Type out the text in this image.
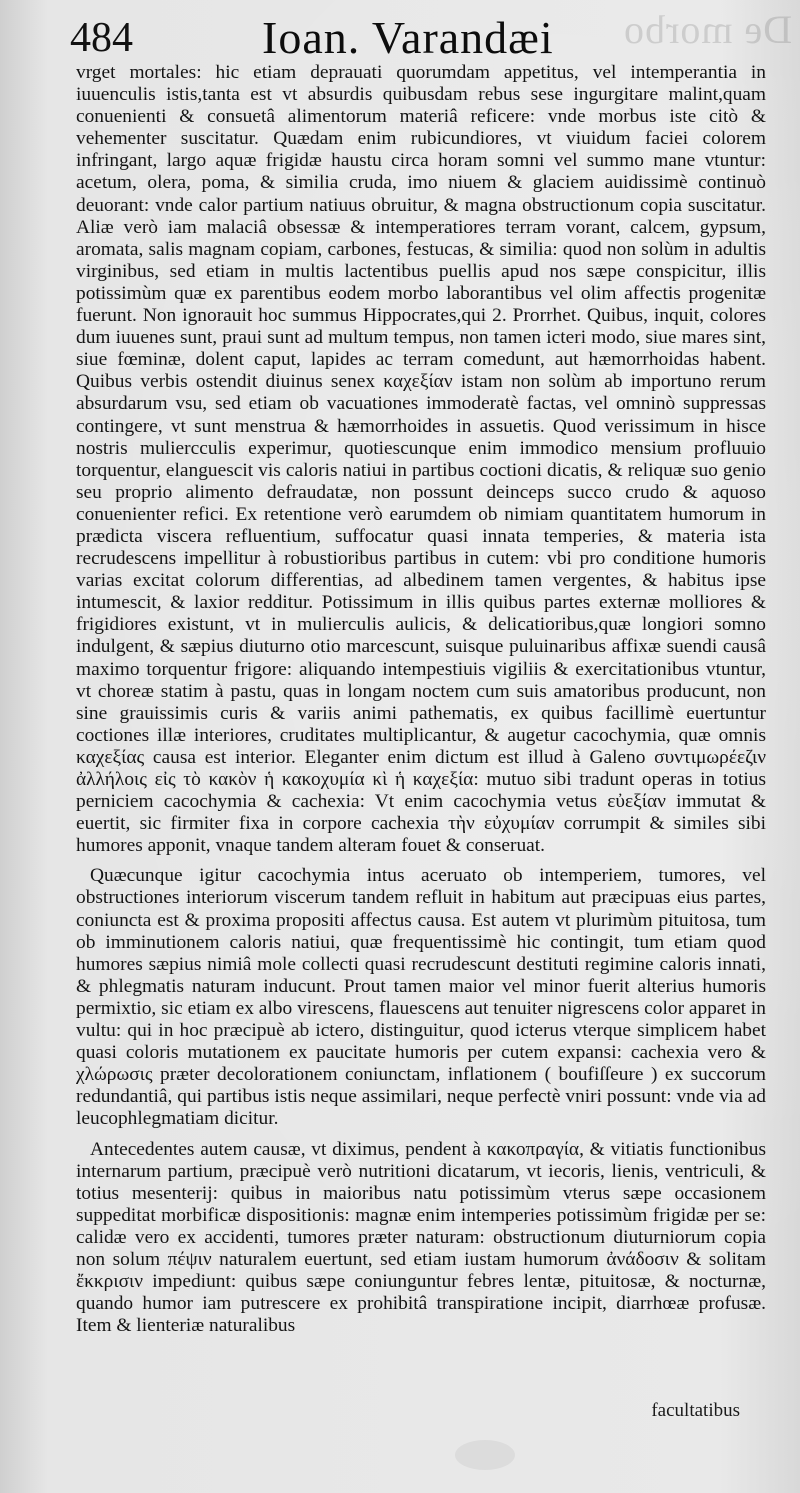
De morbo
484	Ioan. Varandæi

vrget mortales: hic etiam deprauati quorumdam appetitus, vel intemperantia in iuuenculis istis,tanta est vt absurdis quibusdam rebus sese ingurgitare malint,quam conuenienti & consuetâ alimentorum materiâ reficere: vnde morbus iste citò & vehementer suscitatur. Quædam enim rubicundiores, vt viuidum faciei colorem infringant, largo aquæ frigidæ haustu circa horam somni vel summo mane vtuntur: acetum, olera, poma, & similia cruda, imo niuem & glaciem auidissimè continuò deuorant: vnde calor partium natiuus obruitur, & magna obstructionum copia suscitatur. Aliæ verò iam malaciâ obsessæ & intemperatiores terram vorant, calcem, gypsum, aromata, salis magnam copiam, carbones, festucas, & similia: quod non solùm in adultis virginibus, sed etiam in multis lactentibus puellis apud nos sæpe conspicitur, illis potissimùm quæ ex parentibus eodem morbo laborantibus vel olim affectis progenitæ fuerunt. Non ignorauit hoc summus Hippocrates,qui 2. Prorrhet. Quibus, inquit, colores dum iuuenes sunt, praui sunt ad multum tempus, non tamen icteri modo, siue mares sint, siue fœminæ, dolent caput, lapides ac terram comedunt, aut hæmorrhoidas habent. Quibus verbis ostendit diuinus senex καχεξίαν istam non solùm ab importuno rerum absurdarum vsu, sed etiam ob vacuationes immoderatè factas, vel omninò suppressas contingere, vt sunt menstrua & hæmorrhoides in assuetis. Quod verissimum in hisce nostris muliercculis experimur, quotiescunque enim immodico mensium profluuio torquentur, elanguescit vis caloris natiui in partibus coctioni dicatis, & reliquæ suo genio seu proprio alimento defraudatæ, non possunt deinceps succo crudo & aquoso conuenienter refici. Ex retentione verò earumdem ob nimiam quantitatem humorum in prædicta viscera refluentium, suffocatur quasi innata temperies, & materia ista recrudescens impellitur à robustioribus partibus in cutem: vbi pro conditione humoris varias excitat colorum differentias, ad albedinem tamen vergentes, & habitus ipse intumescit, & laxior redditur. Potissimum in illis quibus partes externæ molliores & frigidiores existunt, vt in mulierculis aulicis, & delicatioribus,quæ longiori somno indulgent, & sæpius diuturno otio marcescunt, suisque puluinaribus affixæ suendi causâ maximo torquentur frigore: aliquando intempestiuis vigiliis & exercitationibus vtuntur, vt choreæ statim à pastu, quas in longam noctem cum suis amatoribus producunt, non sine grauissimis curis & variis animi pathematis, ex quibus facillimè euertuntur coctiones illæ interiores, cruditates multiplicantur, & augetur cacochymia, quæ omnis καχεξίας causa est interior. Eleganter enim dictum est illud à Galeno συντιμωρέεζιν ἀλλήλοις εἰς τὸ κακὸν ἡ κακοχυμία κὶ ἡ καχεξία: mutuo sibi tradunt operas in totius perniciem cacochymia & cachexia: Vt enim cacochymia vetus εὐεξίαν immutat & euertit, sic firmiter fixa in corpore cachexia τὴν εὐχυμίαν corrumpit & similes sibi humores apponit, vnaque tandem alteram fouet & conseruat.

Quæcunque igitur cacochymia intus aceruato ob intemperiem, tumores, vel obstructiones interiorum viscerum tandem refluit in habitum aut præcipuas eius partes, coniuncta est & proxima propositi affectus causa. Est autem vt plurimùm pituitosa, tum ob imminutionem caloris natiui, quæ frequentissimè hic contingit, tum etiam quod humores sæpius nimiâ mole collecti quasi recrudescunt destituti regimine caloris innati, & phlegmatis naturam inducunt. Prout tamen maior vel minor fuerit alterius humoris permixtio, sic etiam ex albo virescens, flauescens aut tenuiter nigrescens color apparet in vultu: qui in hoc præcipuè ab ictero, distinguitur, quod icterus vterque simplicem habet quasi coloris mutationem ex paucitate humoris per cutem expansi: cachexia vero & χλώρωσις præter decolorationem coniunctam, inflationem ( boufiſſeure ) ex succorum redundantiâ, qui partibus istis neque assimilari, neque perfectè vniri possunt: vnde via ad leucophlegmatiam dicitur.

Antecedentes autem causæ, vt diximus, pendent à κακοπραγία, & vitiatis functionibus internarum partium, præcipuè verò nutritioni dicatarum, vt iecoris, lienis, ventriculi, & totius mesenterij: quibus in maioribus natu potissimùm vterus sæpe occasionem suppeditat morbificæ dispositionis: magnæ enim intemperies potissimùm frigidæ per se: calidæ vero ex accidenti, tumores præter naturam: obstructionum diuturniorum copia non solum πέψιν naturalem euertunt, sed etiam iustam humorum ἀνάδοσιν & solitam ἔκκρισιν impediunt: quibus sæpe coniunguntur febres lentæ, pituitosæ, & nocturnæ, quando humor iam putrescere ex prohibitâ transpiratione incipit, diarrhœæ profusæ. Item & lienteriæ naturalibus

facultatibus
